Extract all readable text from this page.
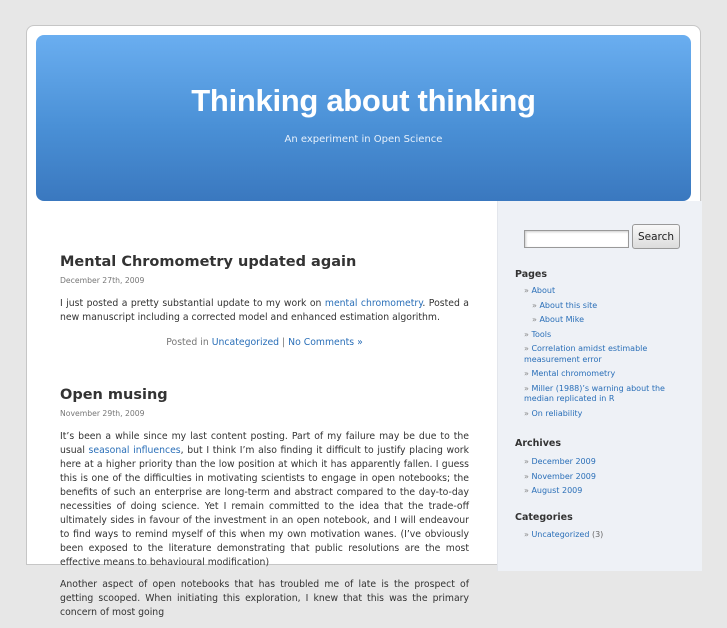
Thinking about thinking
An experiment in Open Science
Mental Chromometry updated again
December 27th, 2009
I just posted a pretty substantial update to my work on mental chromometry. Posted a new manuscript including a corrected model and enhanced estimation algorithm.
Posted in Uncategorized | No Comments »
Open musing
November 29th, 2009

It’s been a while since my last content posting. Part of my failure may be due to the usual seasonal influences, but I think I’m also finding it difficult to justify placing work here at a higher priority than the low position at which it has apparently fallen. I guess this is one of the difficulties in motivating scientists to engage in open notebooks; the benefits of such an enterprise are long-term and abstract compared to the day-to-day necessities of doing science. Yet I remain committed to the idea that the trade-off ultimately sides in favour of the investment in an open notebook, and I will endeavour to find ways to remind myself of this when my own motivation wanes. (I’ve obviously been exposed to the literature demonstrating that public resolutions are the most effective means to behavioural modification)

Another aspect of open notebooks that has troubled me of late is the prospect of getting scooped. When initiating this exploration, I knew that this was the primary concern of most going

Search
Pages
» About
» About this site
» About Mike
» Tools
» Correlation amidst estimable measurement error
» Mental chromometry
» Miller (1988)’s warning about the median replicated in R
» On reliability
Archives
» December 2009
» November 2009
» August 2009
Categories
» Uncategorized (3)
